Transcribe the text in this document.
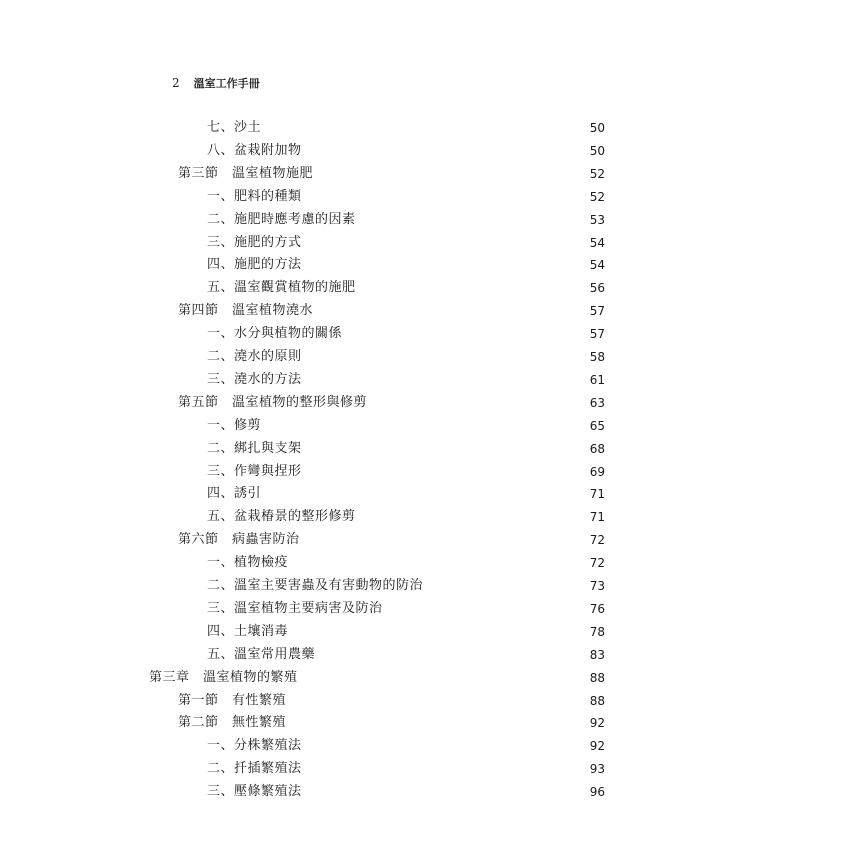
2 溫室工作手冊
七、沙土	50
八、盆栽附加物	50
第三節　溫室植物施肥	52
一、肥料的種類	52
二、施肥時應考慮的因素	53
三、施肥的方式	54
四、施肥的方法	54
五、溫室觀賞植物的施肥	56
第四節　溫室植物澆水	57
一、水分與植物的關係	57
二、澆水的原則	58
三、澆水的方法	61
第五節　溫室植物的整形與修剪	63
一、修剪	65
二、綁扎與支架	68
三、作彎與捏形	69
四、誘引	71
五、盆栽椿景的整形修剪	71
第六節　病蟲害防治	72
一、植物檢疫	72
二、溫室主要害蟲及有害動物的防治	73
三、溫室植物主要病害及防治	76
四、土壤消毒	78
五、溫室常用農藥	83
第三章　溫室植物的繁殖	88
第一節　有性繁殖	88
第二節　無性繁殖	92
一、分株繁殖法	92
二、扦插繁殖法	93
三、壓條繁殖法	96
